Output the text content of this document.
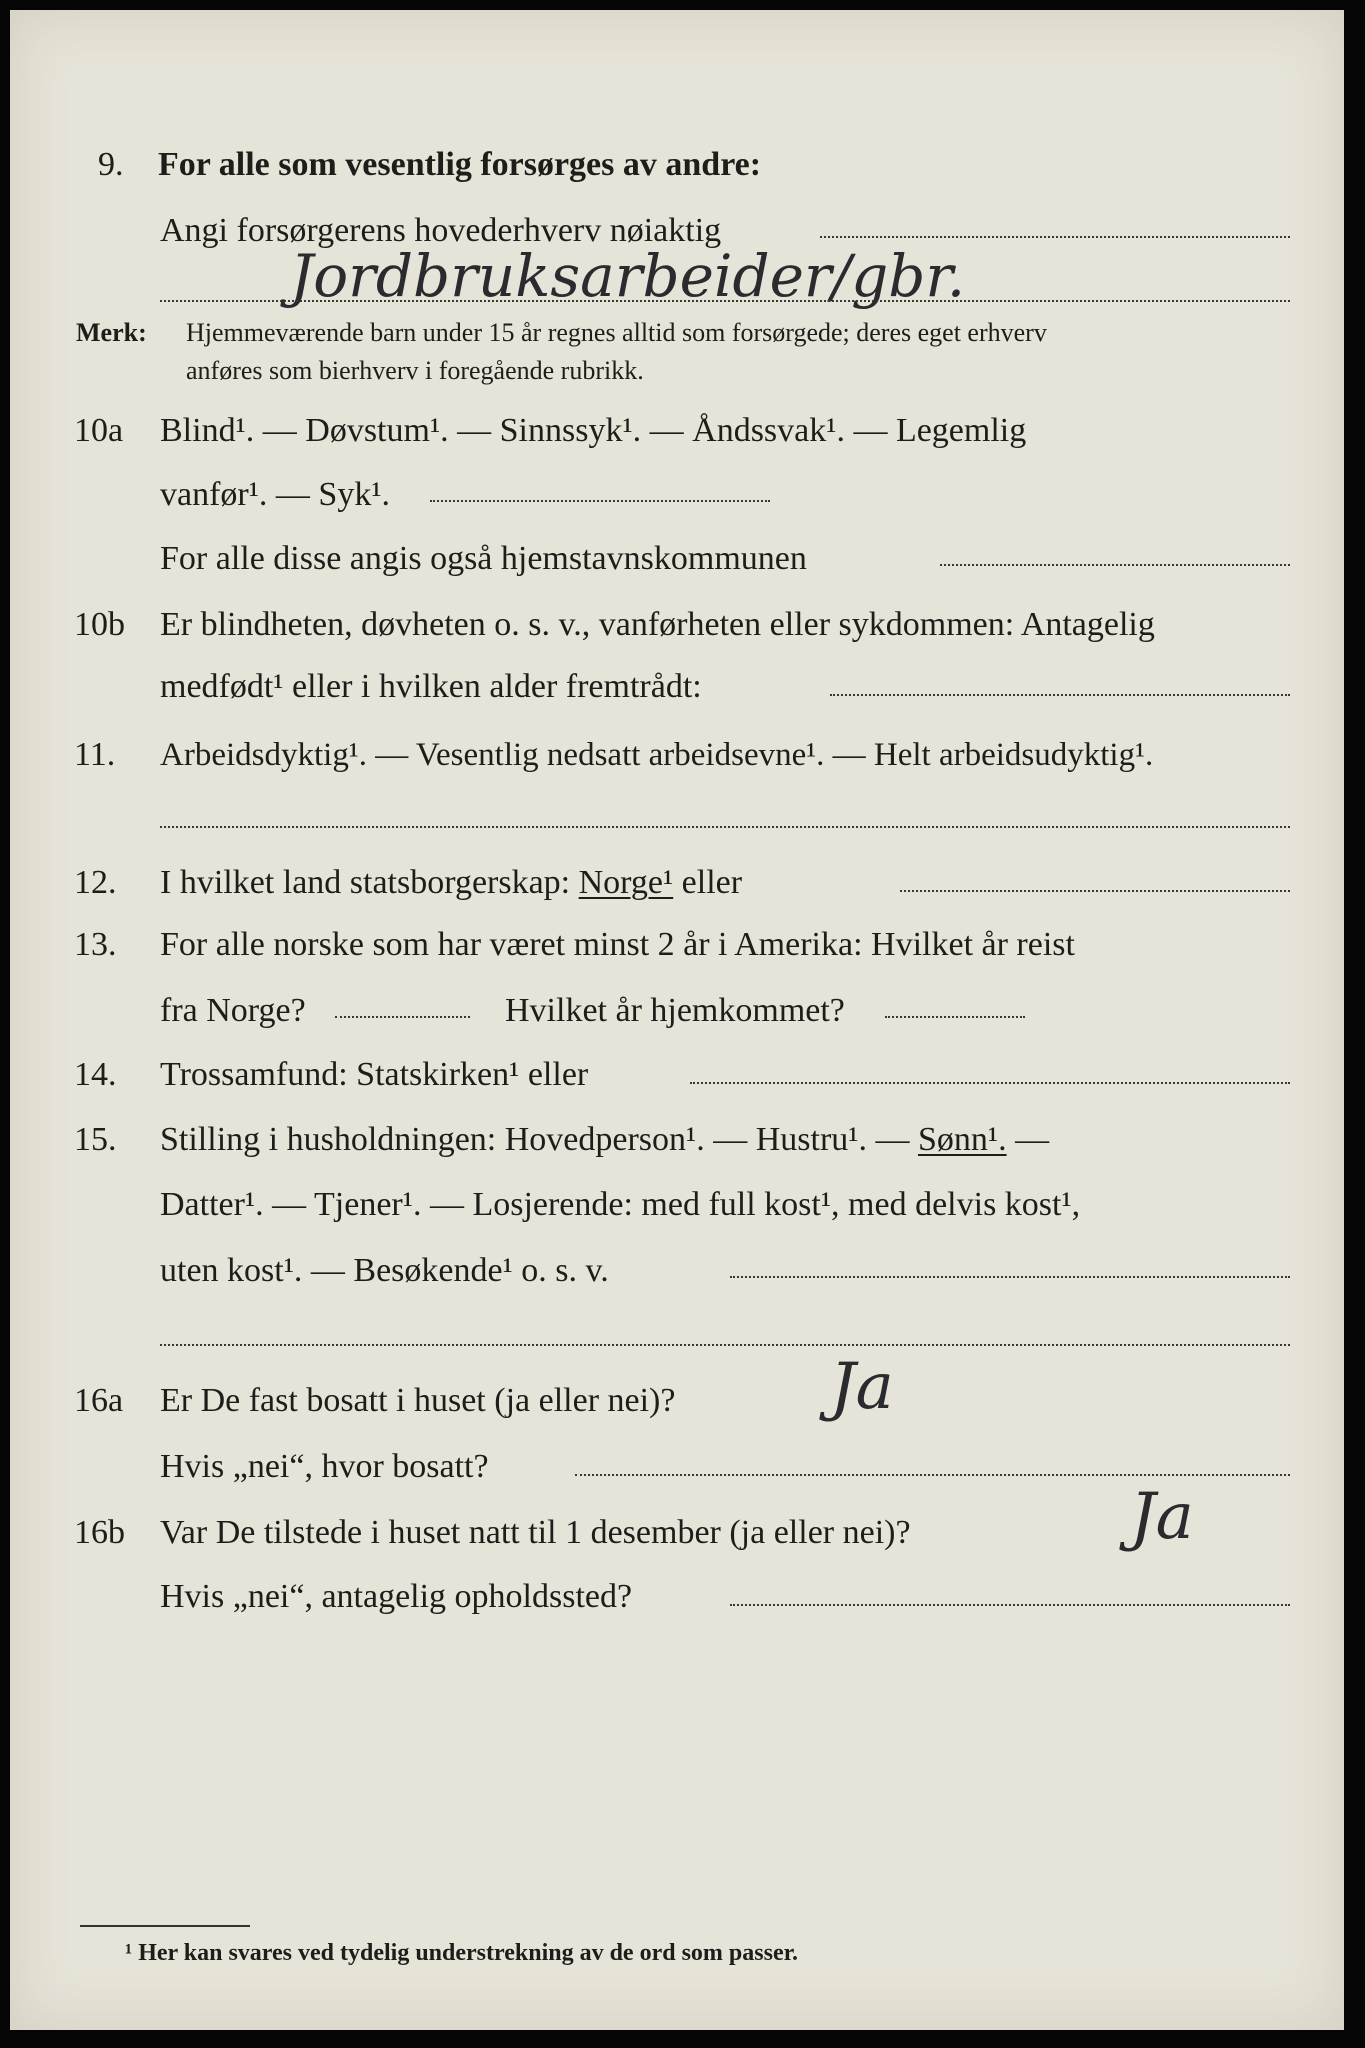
9. For alle som vesentlig forsørges av andre:
Angi forsørgerens hovederhverv nøiaktig
Jordbruksarbeider/gbr.
Merk: Hjemmeværende barn under 15 år regnes alltid som forsørgede; deres eget erhverv
anføres som bierhverv i foregående rubrikk.
10a Blind¹. — Døvstum¹. — Sinnssyk¹. — Åndssvak¹. — Legemlig
vanfør¹. — Syk¹.
For alle disse angis også hjemstavnskommunen
10b Er blindheten, døvheten o. s. v., vanførheten eller sykdommen: Antagelig
medfødt¹ eller i hvilken alder fremtrådt:
11. Arbeidsdyktig¹. — Vesentlig nedsatt arbeidsevne¹. — Helt arbeidsudyktig¹.
12. I hvilket land statsborgerskap: Norge¹ eller
13. For alle norske som har været minst 2 år i Amerika: Hvilket år reist
fra Norge?	Hvilket år hjemkommet?
14. Trossamfund: Statskirken¹ eller
15. Stilling i husholdningen: Hovedperson¹. — Hustru¹. — Sønn¹. —
Datter¹. — Tjener¹. — Losjerende: med full kost¹, med delvis kost¹,
uten kost¹. — Besøkende¹ o. s. v.
16a Er De fast bosatt i huset (ja eller nei)? Ja
Hvis „nei“, hvor bosatt?
16b Var De tilstede i huset natt til 1 desember (ja eller nei)?	Ja
Hvis „nei“, antagelig opholdssted?
¹ Her kan svares ved tydelig understrekning av de ord som passer.
